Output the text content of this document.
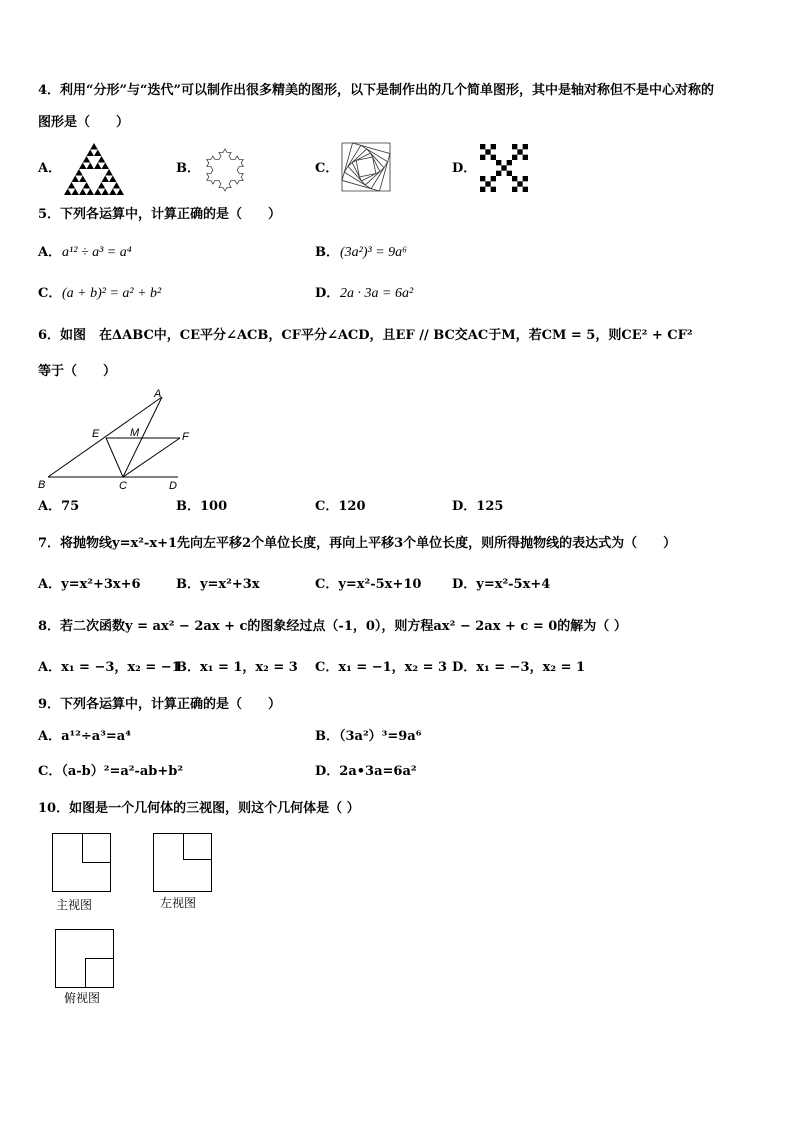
4．利用“分形”与“迭代”可以制作出很多精美的图形，以下是制作出的几个简单图形，其中是轴对称但不是中心对称的
图形是（　　）
A．	B．	C．	D．
5．下列各运算中，计算正确的是（　　）
A． a¹² ÷ a³ = a⁴	B． (3a²)³ = 9a⁶
C． (a + b)² = a² + b²	D． 2a · 3a = 6a²
6．如图　在ΔABC中，CE平分∠ACB，CF平分∠ACD，且EF // BC交AC于M，若CM = 5，则CE² + CF²
等于（　　）
A
B	C	D
E	F
M
A．75	B．100	C．120	D．125
7．将抛物线y=x²-x+1先向左平移2个单位长度，再向上平移3个单位长度，则所得抛物线的表达式为（　　）
A．y=x²+3x+6	B．y=x²+3x	C．y=x²-5x+10 D．y=x²-5x+4
8．若二次函数y = ax² − 2ax + c的图象经过点（-1，0），则方程ax² − 2ax + c = 0的解为（ ）
A．x₁ = −3，x₂ = −1
B．x₁ = 1，x₂ = 3 C．x₁ = −1，x₂ = 3 D．x₁ = −3，x₂ = 1
9．下列各运算中，计算正确的是（　　）
A．a¹²÷a³=a⁴	B．（3a²）³=9a⁶
C．（a-b）²=a²-ab+b²	D．2a•3a=6a²
10．如图是一个几何体的三视图，则这个几何体是（ ）
主视图	左视图
俯视图
